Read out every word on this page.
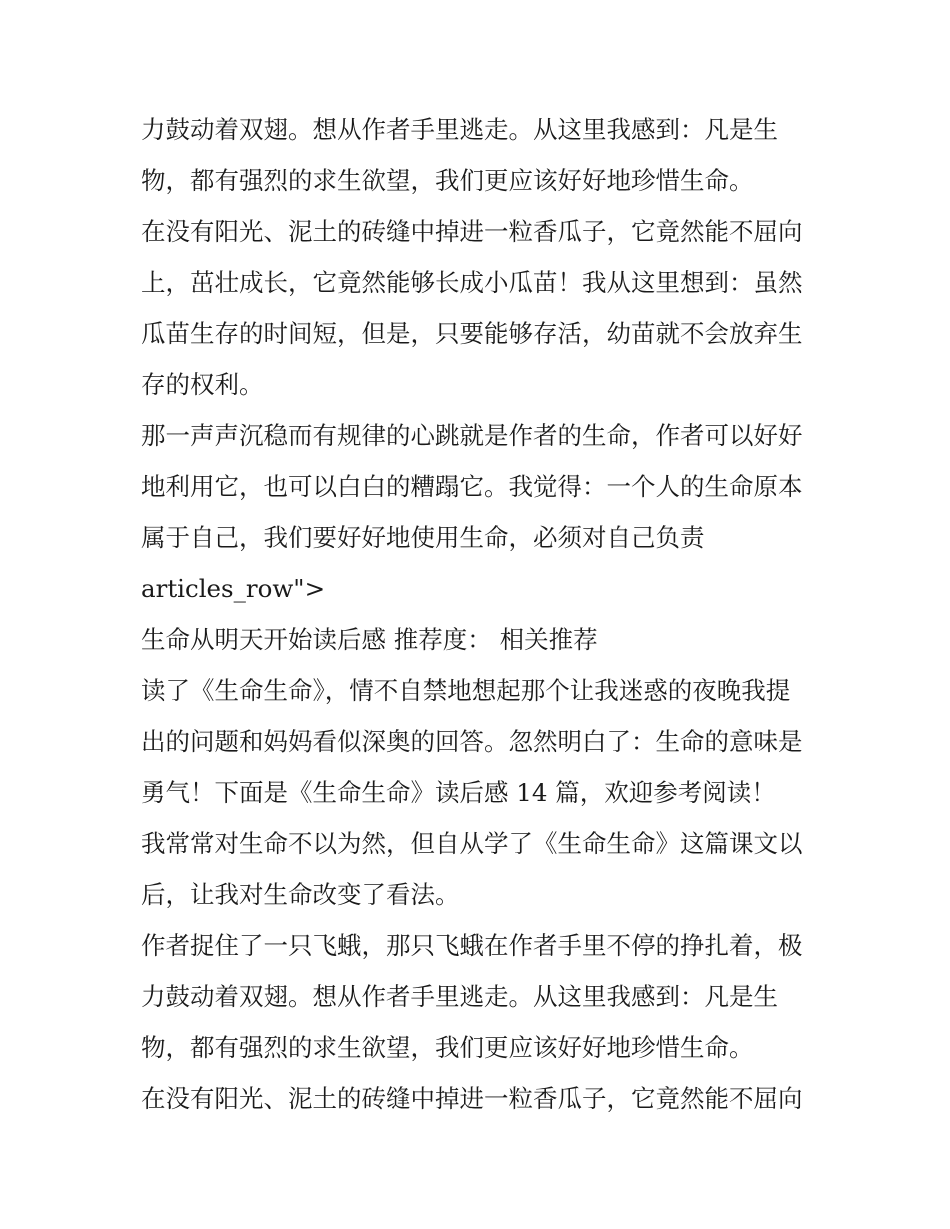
力鼓动着双翅。想从作者手里逃走。从这里我感到：凡是生
物，都有强烈的求生欲望，我们更应该好好地珍惜生命。
在没有阳光、泥土的砖缝中掉进一粒香瓜子，它竟然能不屈向
上，茁壮成长，它竟然能够长成小瓜苗！我从这里想到：虽然
瓜苗生存的时间短，但是，只要能够存活，幼苗就不会放弃生
存的权利。
那一声声沉稳而有规律的心跳就是作者的生命，作者可以好好
地利用它，也可以白白的糟蹋它。我觉得：一个人的生命原本
属于自己，我们要好好地使用生命，必须对自己负责
articles_row">
生命从明天开始读后感 推荐度： 相关推荐
读了《生命生命》，情不自禁地想起那个让我迷惑的夜晚我提
出的问题和妈妈看似深奥的回答。忽然明白了：生命的意味是
勇气！下面是《生命生命》读后感 14 篇，欢迎参考阅读！
我常常对生命不以为然，但自从学了《生命生命》这篇课文以
后，让我对生命改变了看法。
作者捉住了一只飞蛾，那只飞蛾在作者手里不停的挣扎着，极
力鼓动着双翅。想从作者手里逃走。从这里我感到：凡是生
物，都有强烈的求生欲望，我们更应该好好地珍惜生命。
在没有阳光、泥土的砖缝中掉进一粒香瓜子，它竟然能不屈向
